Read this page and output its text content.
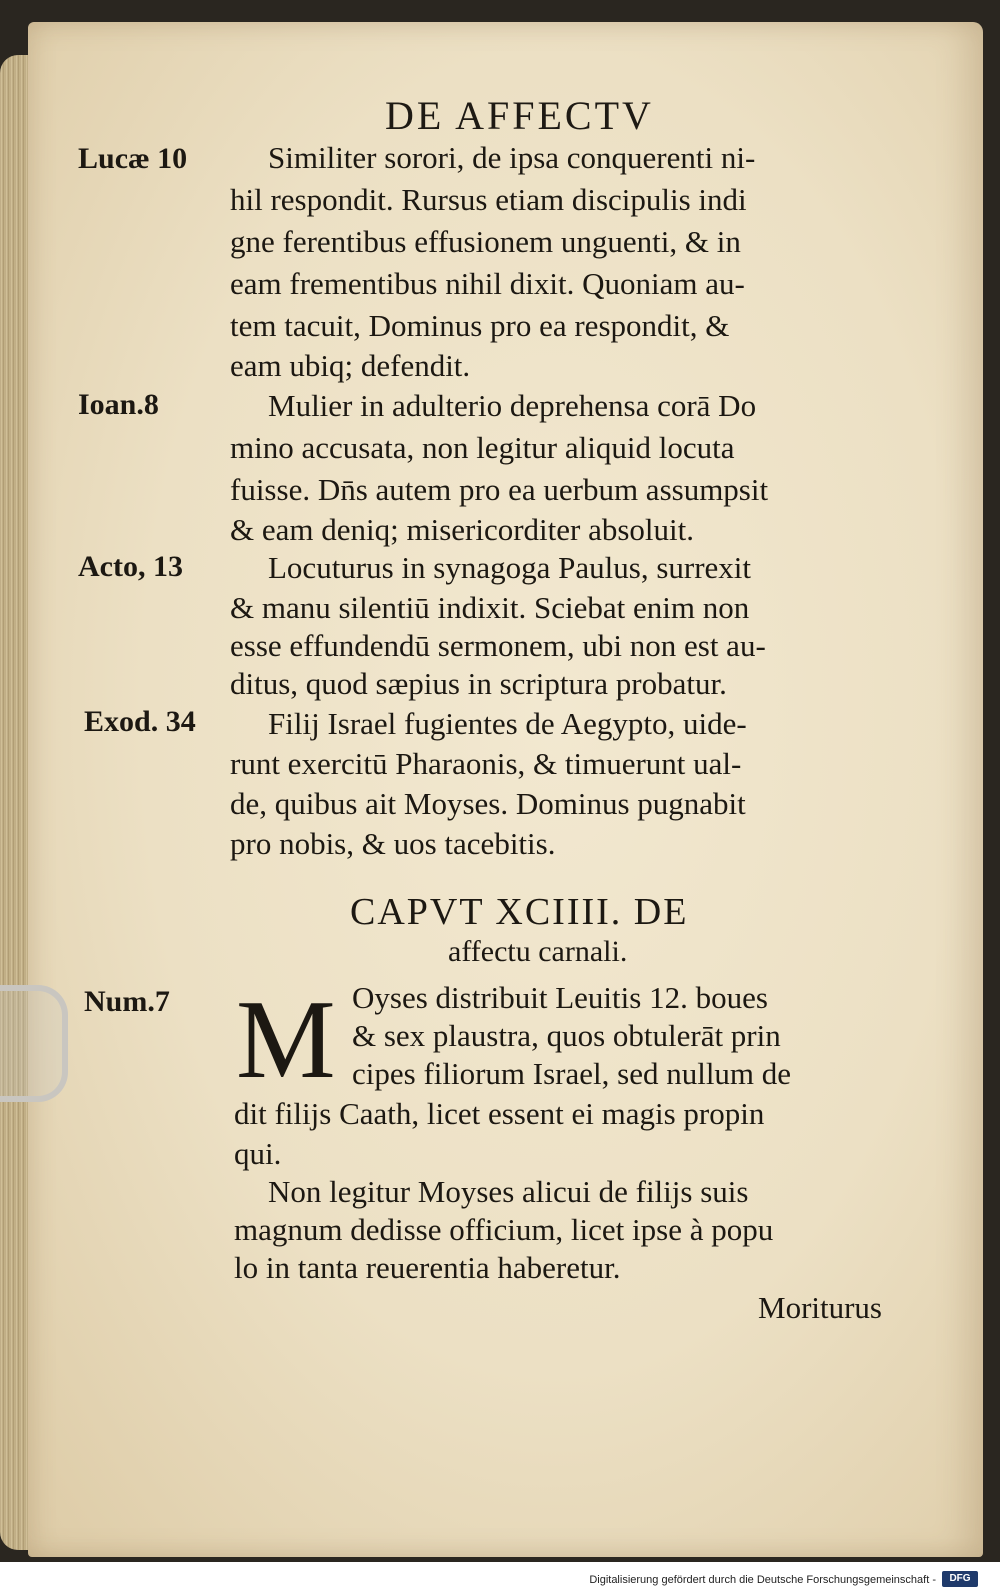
DE AFFECTV
Lucæ 10
Ioan.8
Acto, 13
Exod. 34
Num.7
Similiter sorori, de ipsa conquerenti ni-
hil respondit. Rursus etiam discipulis indi
gne ferentibus effusionem unguenti, & in
eam frementibus nihil dixit. Quoniam au-
tem tacuit, Dominus pro ea respondit, &
eam ubiq; defendit.
Mulier in adulterio deprehensa corā Do
mino accusata, non legitur aliquid locuta
fuisse. Dn̄s autem pro ea uerbum assumpsit
& eam deniq; misericorditer absoluit.
Locuturus in synagoga Paulus, surrexit
& manu silentiū indixit. Sciebat enim non
esse effundendū sermonem, ubi non est au-
ditus, quod sæpius in scriptura probatur.
Filij Israel fugientes de Aegypto, uide-
runt exercitū Pharaonis, & timuerunt ual-
de, quibus ait Moyses. Dominus pugnabit
pro nobis, & uos tacebitis.
CAPVT XCIIII. DE
affectu carnali.
M Oyses distribuit Leuitis 12. boues
& sex plaustra, quos obtulerāt prin
cipes filiorum Israel, sed nullum de
dit filijs Caath, licet essent ei magis propin
qui.
Non legitur Moyses alicui de filijs suis
magnum dedisse officium, licet ipse à popu
lo in tanta reuerentia haberetur.
Moriturus
Digitalisierung gefördert durch die Deutsche Forschungsgemeinschaft -	DFG
